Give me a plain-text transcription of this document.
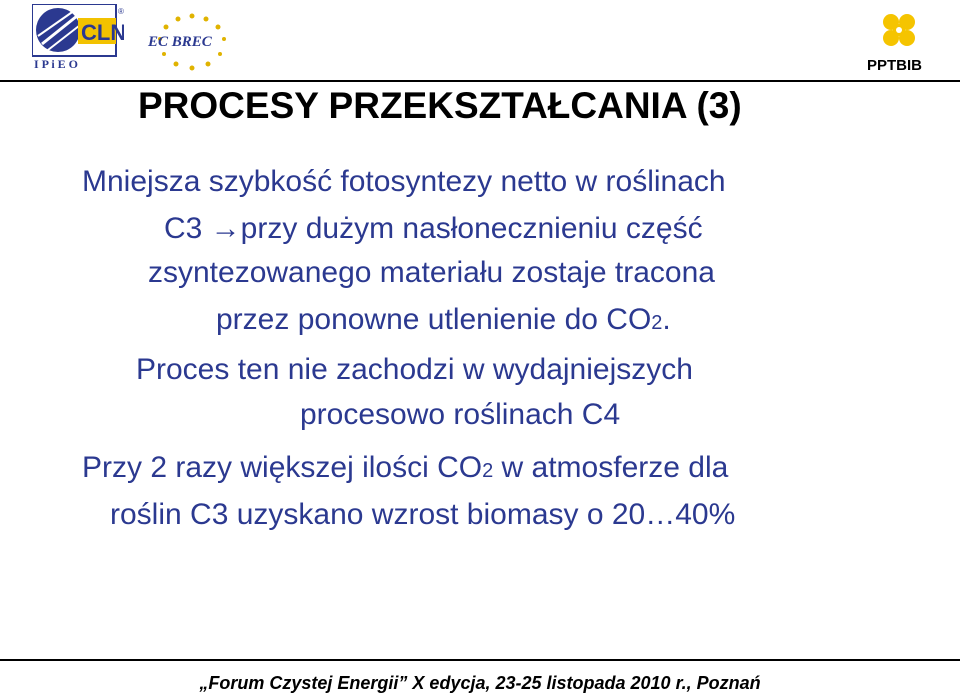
CLN
®
I P i E O
EC BREC
PPTBIB
PROCESY PRZEKSZTAŁCANIA (3)
Mniejsza szybkość fotosyntezy netto w roślinach
C3 →przy dużym nasłonecznieniu część
zsyntezowanego materiału zostaje tracona
przez ponowne utlenienie do CO2.
Proces ten nie zachodzi w wydajniejszych
procesowo roślinach C4
Przy 2 razy większej ilości CO2 w atmosferze dla
roślin C3 uzyskano wzrost biomasy o 20…40%
„Forum Czystej Energii” X edycja, 23-25 listopada 2010 r., Poznań
